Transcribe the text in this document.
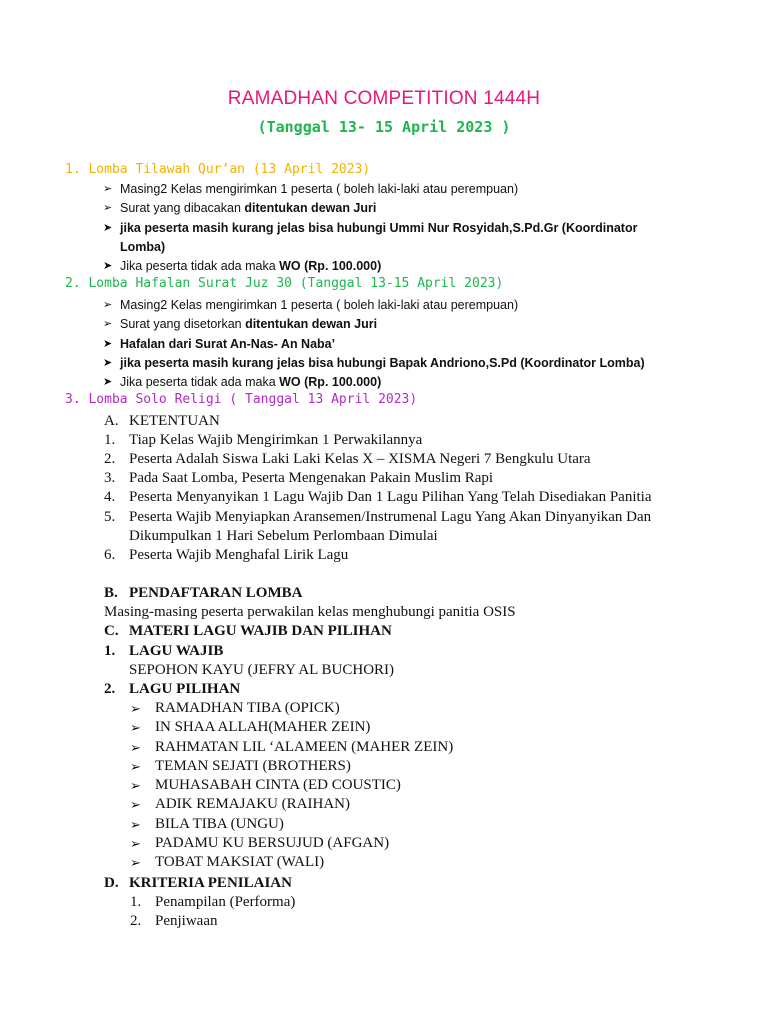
RAMADHAN COMPETITION 1444H
(Tanggal 13- 15 April 2023 )
1. Lomba Tilawah Qur’an (13 April 2023)
➢ Masing2 Kelas mengirimkan 1 peserta ( boleh laki-laki atau perempuan)
➢ Surat yang dibacakan ditentukan dewan Juri
➤ jika peserta masih kurang jelas bisa hubungi Ummi Nur Rosyidah,S.Pd.Gr (Koordinator Lomba)
➤ Jika peserta tidak ada maka WO (Rp. 100.000)
2. Lomba Hafalan Surat Juz 30 (Tanggal 13-15 April 2023)
➢ Masing2 Kelas mengirimkan 1 peserta ( boleh laki-laki atau perempuan)
➢ Surat yang disetorkan ditentukan dewan Juri
➤ Hafalan dari Surat An-Nas- An Naba’
➤ jika peserta masih kurang jelas bisa hubungi Bapak Andriono,S.Pd (Koordinator Lomba)
➤ Jika peserta tidak ada maka WO (Rp. 100.000)
3. Lomba Solo Religi ( Tanggal 13 April 2023)
A. KETENTUAN
1. Tiap Kelas Wajib Mengirimkan 1 Perwakilannya
2. Peserta Adalah Siswa Laki Laki Kelas X – XISMA Negeri 7 Bengkulu Utara
3. Pada Saat Lomba, Peserta Mengenakan Pakain Muslim Rapi
4. Peserta Menyanyikan 1 Lagu Wajib Dan 1 Lagu Pilihan Yang Telah Disediakan Panitia
5. Peserta Wajib Menyiapkan Aransemen/Instrumenal Lagu Yang Akan Dinyanyikan Dan
Dikumpulkan 1 Hari Sebelum Perlombaan Dimulai
6. Peserta Wajib Menghafal Lirik Lagu
B. PENDAFTARAN LOMBA
Masing-masing peserta perwakilan kelas menghubungi panitia OSIS
C. MATERI LAGU WAJIB DAN PILIHAN
1. LAGU WAJIB
SEPOHON KAYU (JEFRY AL BUCHORI)
2. LAGU PILIHAN
➢ RAMADHAN TIBA (OPICK)
➢ IN SHAA ALLAH(MAHER ZEIN)
➢ RAHMATAN LIL ‘ALAMEEN (MAHER ZEIN)
➢ TEMAN SEJATI (BROTHERS)
➢ MUHASABAH CINTA (ED COUSTIC)
➢ ADIK REMAJAKU (RAIHAN)
➢ BILA TIBA (UNGU)
➢ PADAMU KU BERSUJUD (AFGAN)
➢ TOBAT MAKSIAT (WALI)
D. KRITERIA PENILAIAN
1. Penampilan (Performa)
2. Penjiwaan
